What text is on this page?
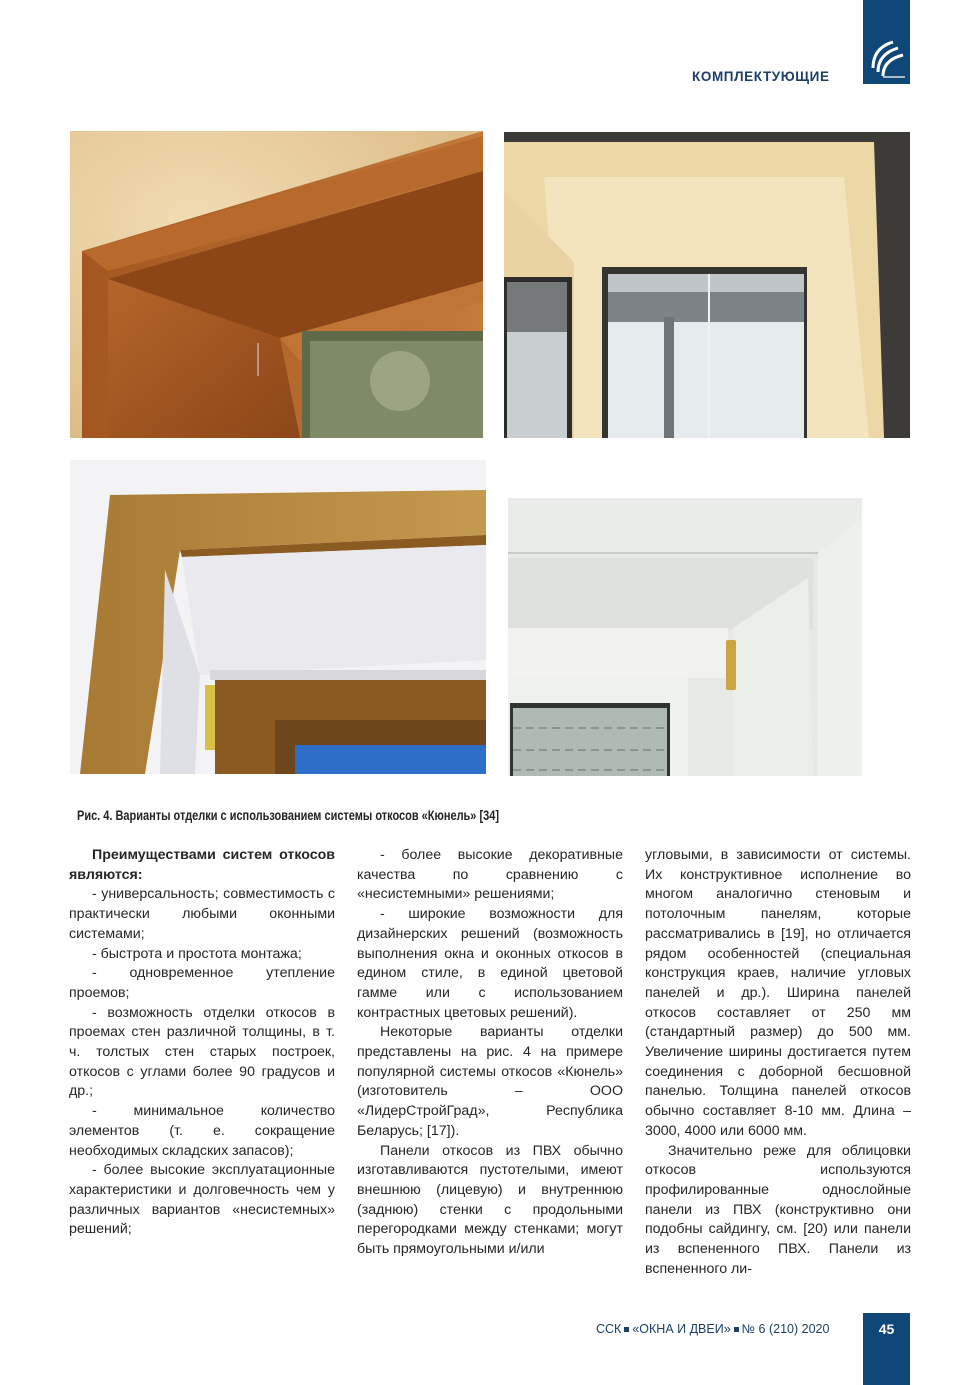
КОМПЛЕКТУЮЩИЕ
Рис. 4. Варианты отделки с использованием системы откосов «Кюнель» [34]

Преимуществами систем откосов являются:

- универсальность; совместимость с практически любыми оконными системами;

- быстрота и простота монтажа;

- одновременное утепление проемов;

- возможность отделки откосов в проемах стен различной толщины, в т. ч. толстых стен старых построек, откосов с углами более 90 градусов и др.;

- минимальное количество элементов (т. е. сокращение необходимых складских запасов);

- более высокие эксплуатационные характеристики и долговечность чем у различных вариантов «несистемных» решений;

- более высокие декоративные качества по сравнению с «несистемными» решениями;

- широкие возможности для дизайнерских решений (возможность выполнения окна и оконных откосов в едином стиле, в единой цветовой гамме или с использованием контрастных цветовых решений).

Некоторые варианты отделки представлены на рис. 4 на примере популярной системы откосов «Кюнель» (изготовитель – ООО «ЛидерСтройГрад», Республика Беларусь; [17]).

Панели откосов из ПВХ обычно изготавливаются пустотелыми, имеют внешнюю (лицевую) и внутреннюю (заднюю) стенки с продольными перегородками между стенками; могут быть прямоугольными и/или

угловыми, в зависимости от системы. Их конструктивное исполнение во многом аналогично стеновым и потолочным панелям, которые рассматривались в [19], но отличается рядом особенностей (специальная конструкция краев, наличие угловых панелей и др.). Ширина панелей откосов составляет от 250 мм (стандартный размер) до 500 мм. Увеличение ширины достигается путем соединения с доборной бесшовной панелью. Толщина панелей откосов обычно составляет 8-10 мм. Длина – 3000, 4000 или 6000 мм.

Значительно реже для облицовки откосов используются профилированные однослойные панели из ПВХ (конструктивно они подобны сайдингу, см. [20) или панели из вспененного ПВХ. Панели из вспененного ли-

ССК «ОКНА И ДВЕИ» № 6 (210) 2020	45
